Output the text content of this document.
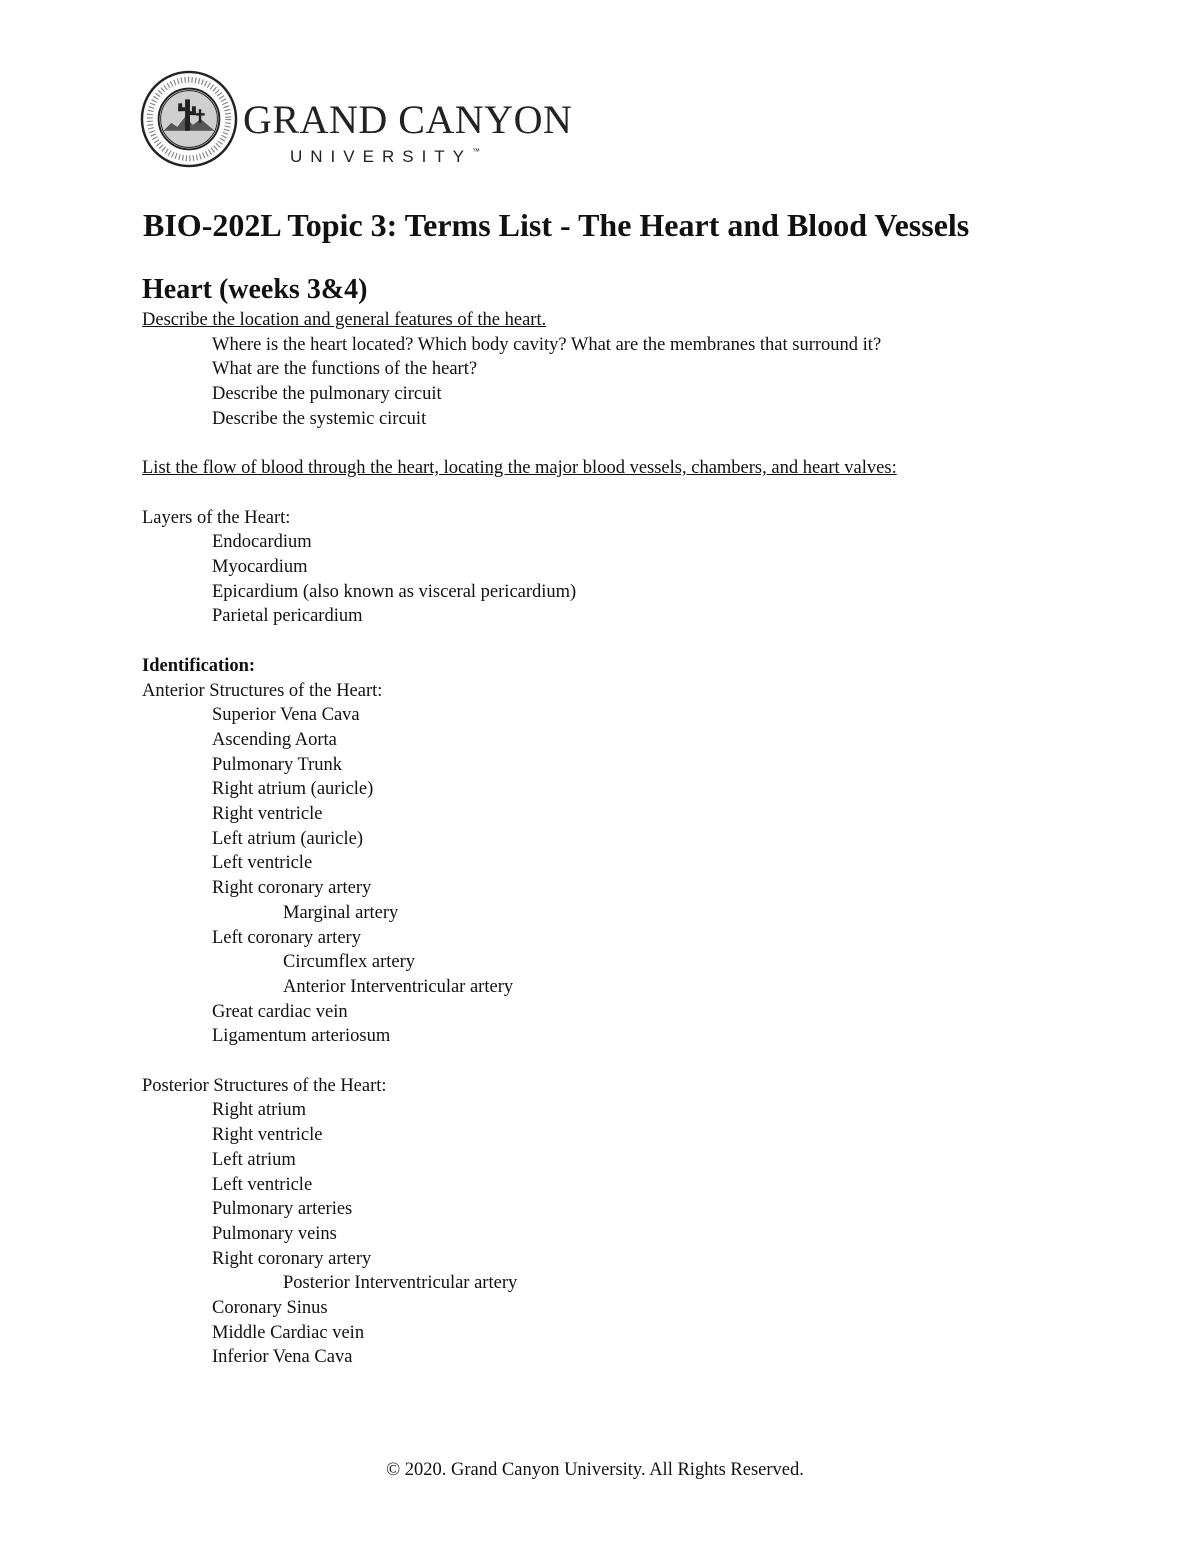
GRAND CANYON
UNIVERSITY™
BIO-202L Topic 3: Terms List - The Heart and Blood Vessels
Heart (weeks 3&4)
Describe the location and general features of the heart.
Where is the heart located? Which body cavity? What are the membranes that surround it?
What are the functions of the heart?
Describe the pulmonary circuit
Describe the systemic circuit
List the flow of blood through the heart, locating the major blood vessels, chambers, and heart valves:
Layers of the Heart:
Endocardium
Myocardium
Epicardium (also known as visceral pericardium)
Parietal pericardium
Identification:
Anterior Structures of the Heart:
Superior Vena Cava
Ascending Aorta
Pulmonary Trunk
Right atrium (auricle)
Right ventricle
Left atrium (auricle)
Left ventricle
Right coronary artery
Marginal artery
Left coronary artery
Circumflex artery
Anterior Interventricular artery
Great cardiac vein
Ligamentum arteriosum
Posterior Structures of the Heart:
Right atrium
Right ventricle
Left atrium
Left ventricle
Pulmonary arteries
Pulmonary veins
Right coronary artery
Posterior Interventricular artery
Coronary Sinus
Middle Cardiac vein
Inferior Vena Cava
© 2020. Grand Canyon University. All Rights Reserved.
